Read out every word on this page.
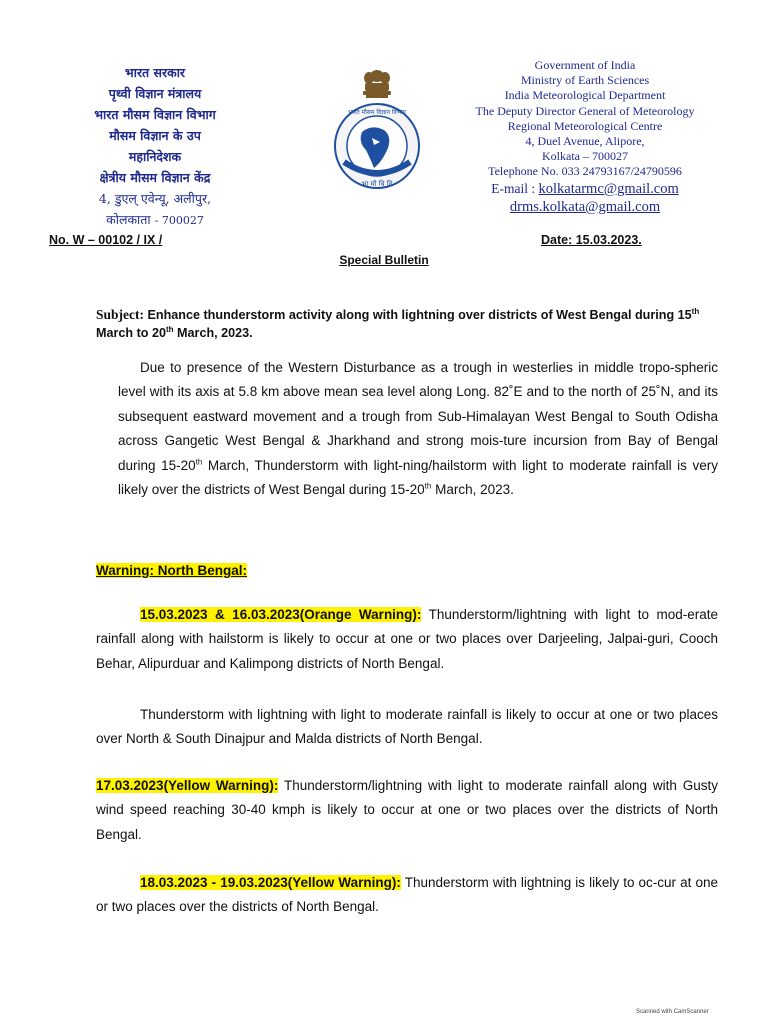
भारत सरकार
पृथ्वी विज्ञान मंत्रालय
भारत मौसम विज्ञान विभाग
मौसम विज्ञान के उप
महानिदेशक
क्षेत्रीय मौसम विज्ञान केंद्र
4, डुएल् एवेन्यू, अलीपुर,
कोलकाता - 700027
भारत मौसम विज्ञान विभाग
भा मौ वि वि
Government of India
Ministry of Earth Sciences
India Meteorological Department
The Deputy Director General of Meteorology
Regional Meteorological Centre
4, Duel Avenue, Alipore,
Kolkata – 700027
Telephone No. 033 24793167/24790596
E-mail : kolkatarmc@gmail.com
drms.kolkata@gmail.com
No. W – 00102 / IX /	Date: 15.03.2023.
Special Bulletin
Subject: Enhance thunderstorm activity along with lightning over districts of West Bengal during 15th March to 20th March, 2023.
Due to presence of the Western Disturbance as a trough in westerlies in middle tropo-spheric level with its axis at 5.8 km above mean sea level along Long. 82˚E and to the north of 25˚N, and its subsequent eastward movement and a trough from Sub-Himalayan West Bengal to South Odisha across Gangetic West Bengal & Jharkhand and strong mois-ture incursion from Bay of Bengal during 15-20th March, Thunderstorm with light-ning/hailstorm with light to moderate rainfall is very likely over the districts of West Bengal during 15-20th March, 2023.
Warning: North Bengal:
15.03.2023 & 16.03.2023(Orange Warning): Thunderstorm/lightning with light to mod-erate rainfall along with hailstorm is likely to occur at one or two places over Darjeeling, Jalpai-guri, Cooch Behar, Alipurduar and Kalimpong districts of North Bengal.
Thunderstorm with lightning with light to moderate rainfall is likely to occur at one or two places over North & South Dinajpur and Malda districts of North Bengal.
17.03.2023(Yellow Warning): Thunderstorm/lightning with light to moderate rainfall along with Gusty wind speed reaching 30-40 kmph is likely to occur at one or two places over the districts of North Bengal.
18.03.2023 - 19.03.2023(Yellow Warning): Thunderstorm with lightning is likely to oc-cur at one or two places over the districts of North Bengal.
Scanned with CamScanner
